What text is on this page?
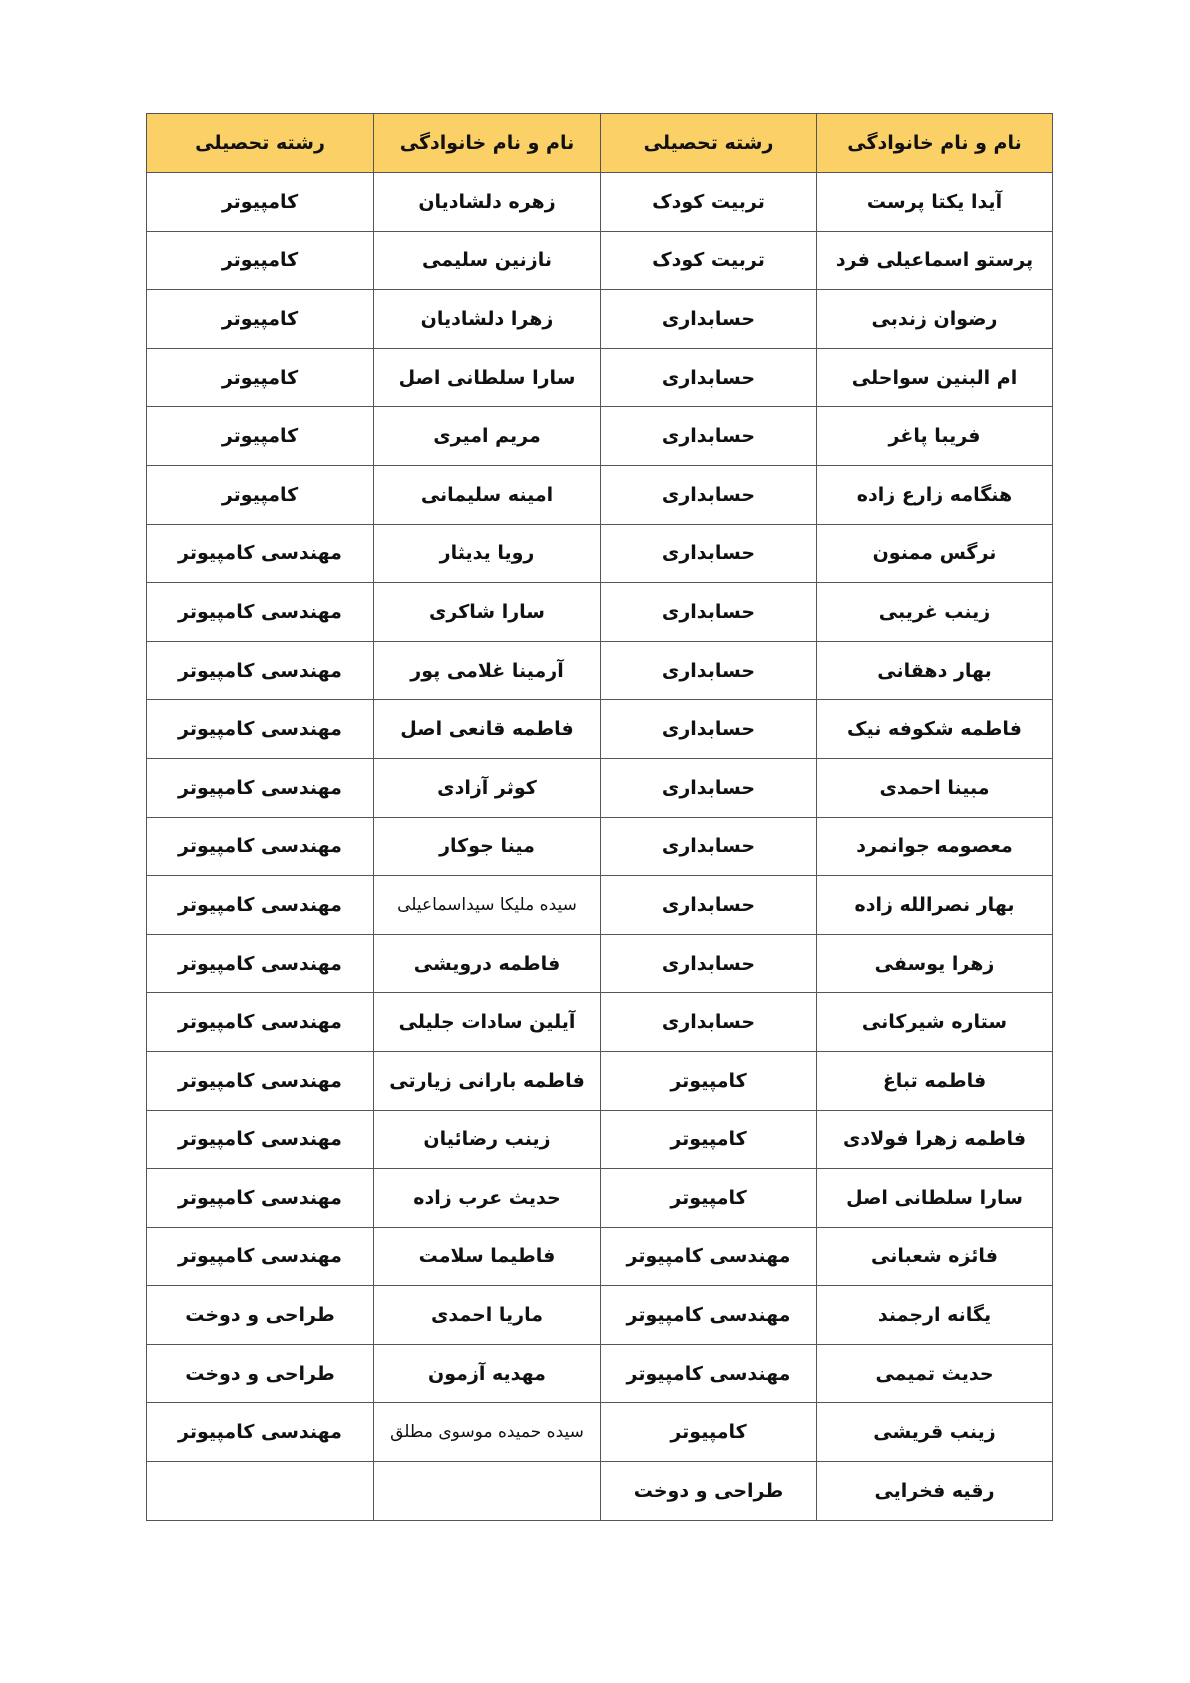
نام و نام خانوادگی	رشته تحصیلی	نام و نام خانوادگی	رشته تحصیلی
آیدا یکتا پرست	تربیت کودک	زهره دلشادیان	کامپیوتر
پرستو اسماعیلی فرد	تربیت کودک	نازنین سلیمی	کامپیوتر
رضوان زندبی	حسابداری	زهرا دلشادیان	کامپیوتر
ام البنین سواحلی	حسابداری	سارا سلطانی اصل	کامپیوتر
فریبا پاغر	حسابداری	مریم امیری	کامپیوتر
هنگامه زارع زاده	حسابداری	امینه سلیمانی	کامپیوتر
نرگس ممنون	حسابداری	رویا یدیثار	مهندسی کامپیوتر
زینب غریبی	حسابداری	سارا شاکری	مهندسی کامپیوتر
بهار دهقانی	حسابداری	آرمینا غلامی پور	مهندسی کامپیوتر
فاطمه شکوفه نیک	حسابداری	فاطمه قانعی اصل	مهندسی کامپیوتر
مبینا احمدی	حسابداری	کوثر آزادی	مهندسی کامپیوتر
معصومه جوانمرد	حسابداری	مینا جوکار	مهندسی کامپیوتر
بهار نصرالله زاده	حسابداری	سیده ملیکا سیداسماعیلی	مهندسی کامپیوتر
زهرا یوسفی	حسابداری	فاطمه درویشی	مهندسی کامپیوتر
ستاره شیرکانی	حسابداری	آیلین سادات جلیلی	مهندسی کامپیوتر
فاطمه تباغ	کامپیوتر	فاطمه بارانی زیارتی	مهندسی کامپیوتر
فاطمه زهرا فولادی	کامپیوتر	زینب رضائیان	مهندسی کامپیوتر
سارا سلطانی اصل	کامپیوتر	حدیث عرب زاده	مهندسی کامپیوتر
فائزه شعبانی	مهندسی کامپیوتر	فاطیما سلامت	مهندسی کامپیوتر
یگانه ارجمند	مهندسی کامپیوتر	ماریا احمدی	طراحی و دوخت
حدیث تمیمی	مهندسی کامپیوتر	مهدیه آزمون	طراحی و دوخت
زینب قریشی	کامپیوتر	سیده حمیده موسوی مطلق	مهندسی کامپیوتر
رقیه فخرایی	طراحی و دوخت		
